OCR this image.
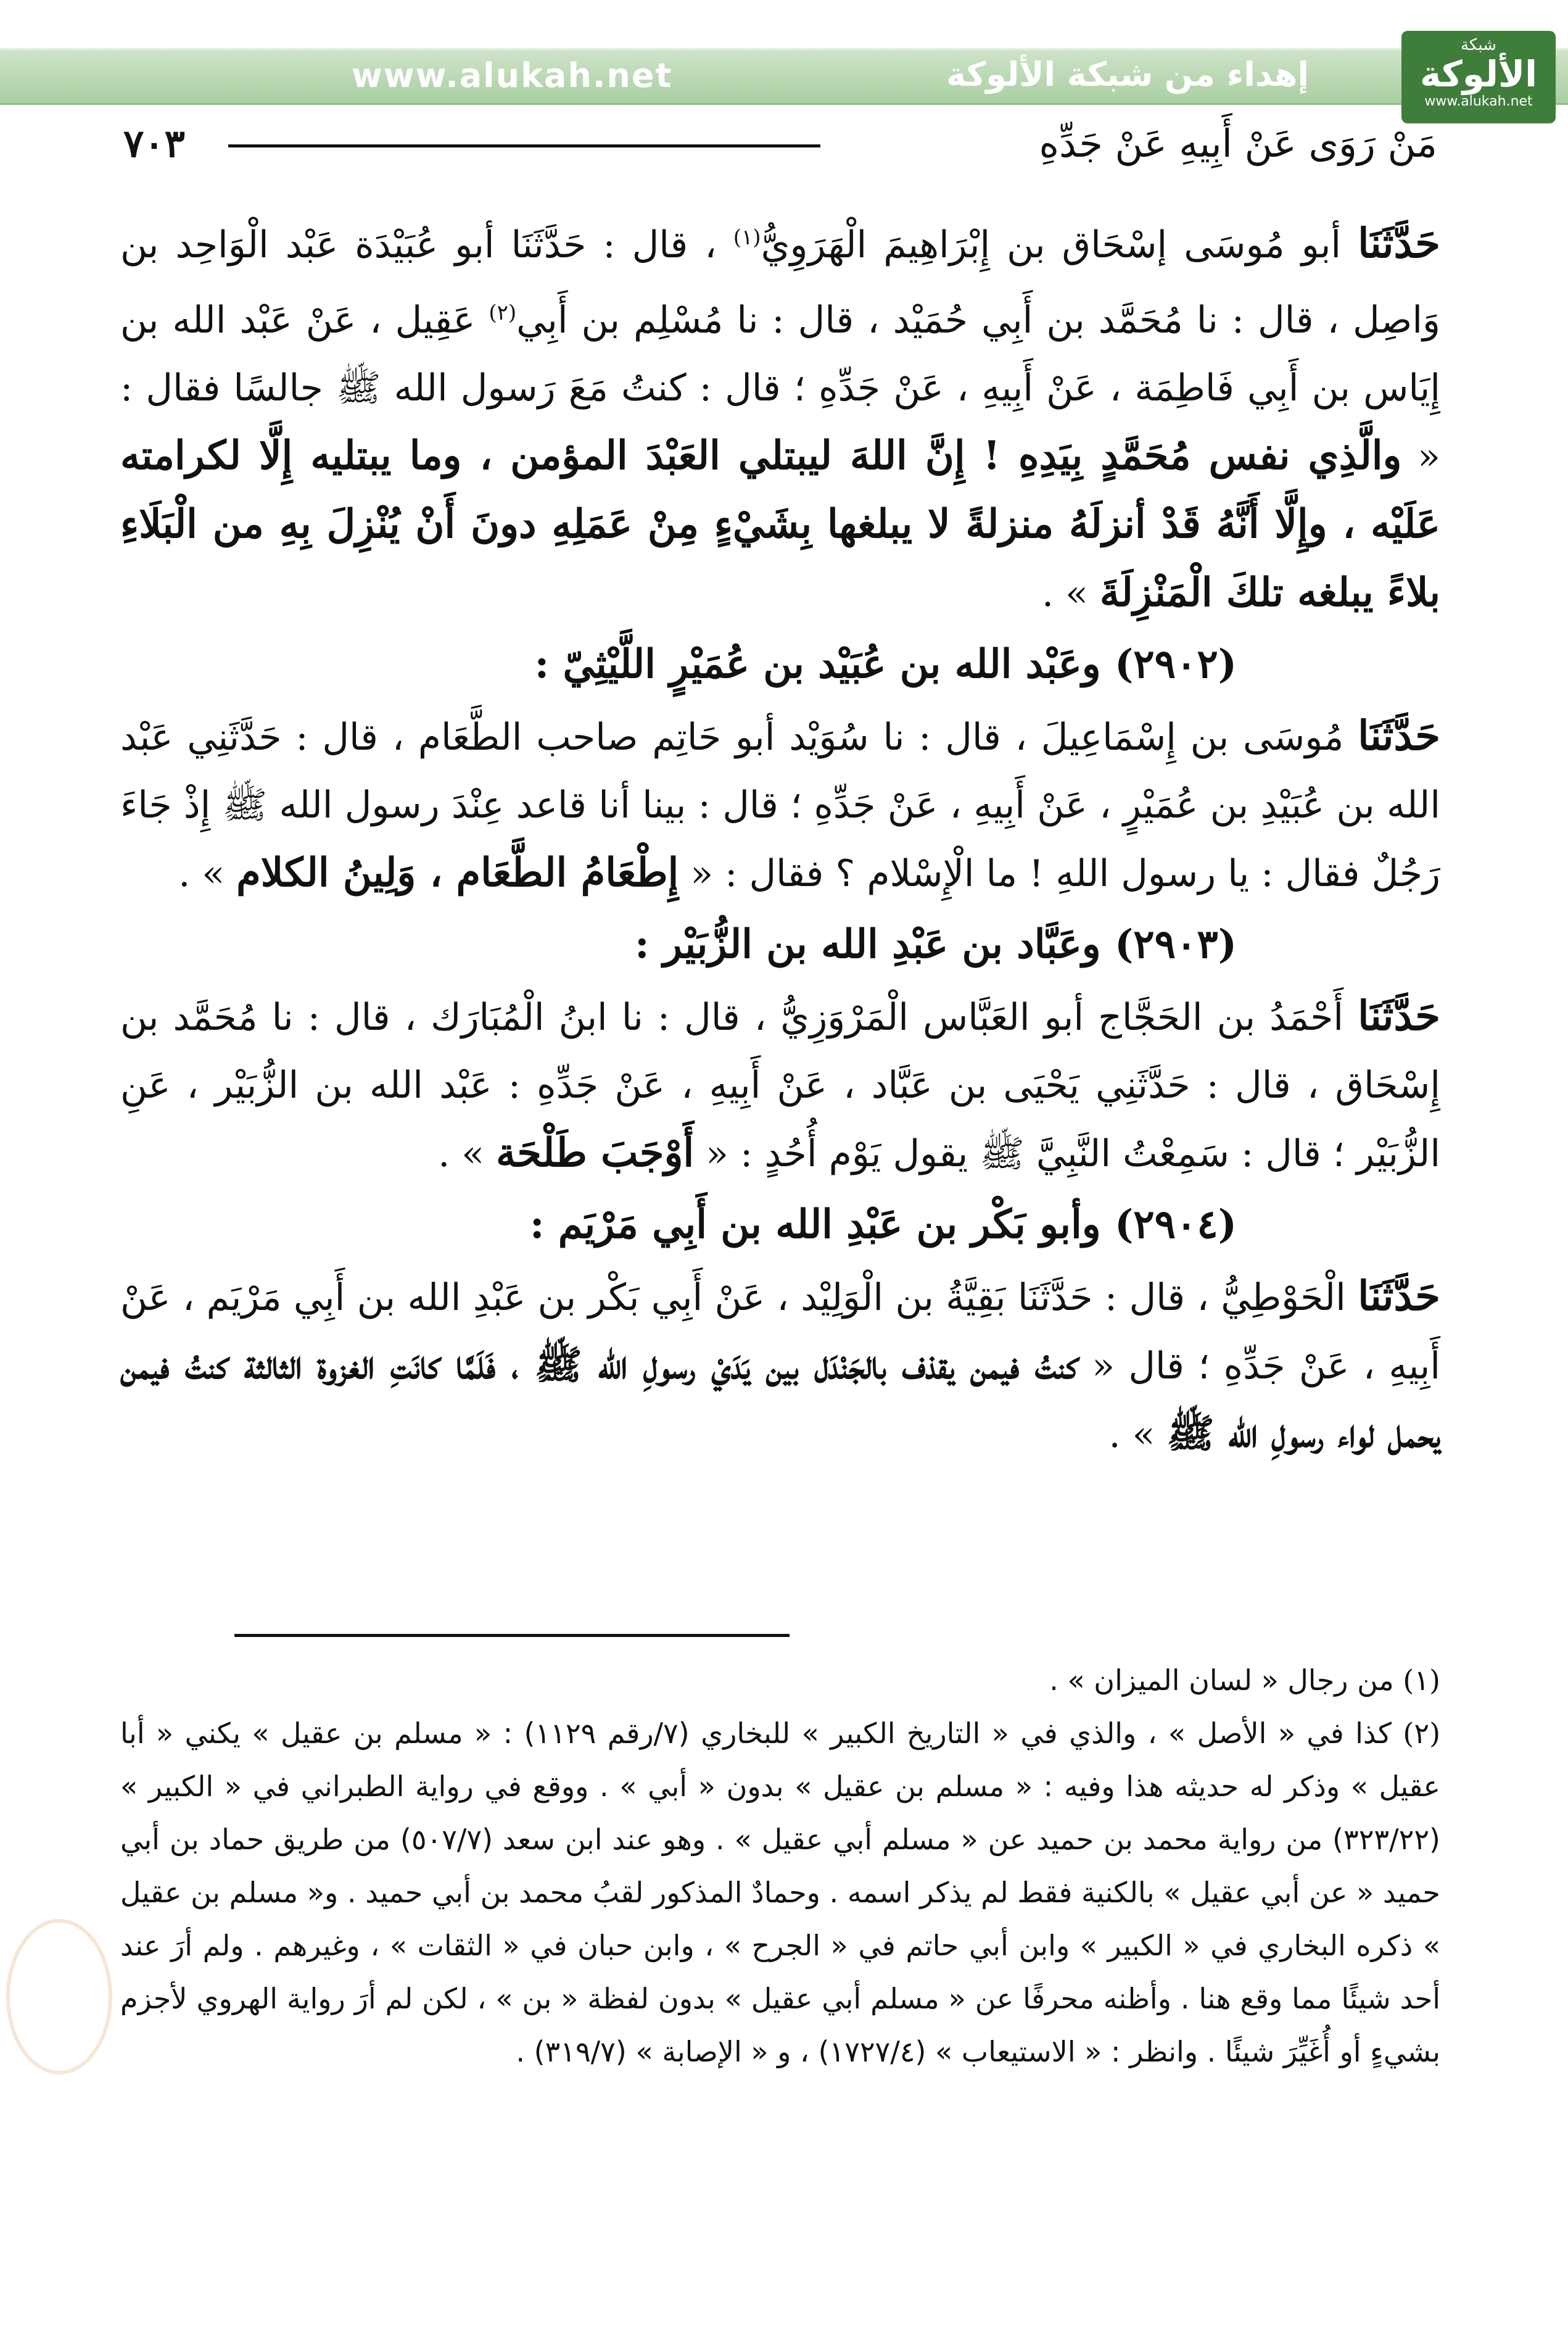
إهداء من شبكة الألوكة
www.alukah.net
شبكة
الألوكة
www.alukah.net
مَنْ رَوَى عَنْ أَبِيهِ عَنْ جَدِّهِ
٧٠٣

حَدَّثَنَا أبو مُوسَى إسْحَاق بن إِبْرَاهِيمَ الْهَرَوِيُّ$^{(١)}$ ، قال : حَدَّثَنَا أبو عُبَيْدَة عَبْد الْوَاحِد بن وَاصِل ، قال : نا مُحَمَّد بن أَبِي حُمَيْد ، قال : نا مُسْلِم بن أَبِي$^{(٢)}$ عَقِيل ، عَنْ عَبْد الله بن إِيَاس بن أَبِي فَاطِمَة ، عَنْ أَبِيهِ ، عَنْ جَدِّهِ ؛ قال : كنتُ مَعَ رَسول الله ﷺ جالسًا فقال : « والَّذِي نفس مُحَمَّدٍ بِيَدِهِ ! إِنَّ اللهَ ليبتلي العَبْدَ المؤمن ، وما يبتليه إِلَّا لكرامته عَلَيْه ، وإِلَّا أَنَّهُ قَدْ أنزلَهُ منزلةً لا يبلغها بِشَيْءٍ مِنْ عَمَلِهِ دونَ أَنْ يُنْزِلَ بِهِ من الْبَلَاءِ بلاءً يبلغه تلكَ الْمَنْزِلَةَ » .

(٢٩٠٢) وعَبْد الله بن عُبَيْد بن عُمَيْرٍ اللَّيْثِيّ :

حَدَّثَنَا مُوسَى بن إِسْمَاعِيلَ ، قال : نا سُوَيْد أبو حَاتِم صاحب الطَّعَام ، قال : حَدَّثَنِي عَبْد الله بن عُبَيْدِ بن عُمَيْرٍ ، عَنْ أَبِيهِ ، عَنْ جَدِّهِ ؛ قال : بينا أنا قاعد عِنْدَ رسول الله ﷺ إِذْ جَاءَ رَجُلٌ فقال : يا رسول اللهِ ! ما الْإِسْلام ؟ فقال : « إِطْعَامُ الطَّعَام ، وَلِينُ الكلام » .

(٢٩٠٣) وعَبَّاد بن عَبْدِ الله بن الزُّبَيْر :

حَدَّثَنَا أَحْمَدُ بن الحَجَّاج أبو العَبَّاس الْمَرْوَزِيُّ ، قال : نا ابنُ الْمُبَارَك ، قال : نا مُحَمَّد بن إِسْحَاق ، قال : حَدَّثَنِي يَحْيَى بن عَبَّاد ، عَنْ أَبِيهِ ، عَنْ جَدِّهِ : عَبْد الله بن الزُّبَيْر ، عَنِ الزُّبَيْر ؛ قال : سَمِعْتُ النَّبِيَّ ﷺ يقول يَوْم أُحُدٍ : « أَوْجَبَ طَلْحَة » .

(٢٩٠٤) وأبو بَكْر بن عَبْدِ الله بن أَبِي مَرْيَم :

حَدَّثَنَا الْحَوْطِيُّ ، قال : حَدَّثَنَا بَقِيَّةُ بن الْوَلِيْد ، عَنْ أَبِي بَكْر بن عَبْدِ الله بن أَبِي مَرْيَم ، عَنْ أَبِيهِ ، عَنْ جَدِّهِ ؛ قال « كنتُ فيمن يقذف بالجَنْدَل بين يَدَيْ رسولِ الله ﷺ ، فَلَمَّا كانَتِ الغزوة الثالثة كنتُ فيمن يحمل لواء رسولِ الله ﷺ » .

(١) من رجال « لسان الميزان » .

(٢) كذا في « الأصل » ، والذي في « التاريخ الكبير » للبخاري (٧/رقم ١١٢٩) : « مسلم بن عقيل » يكني « أبا عقيل » وذكر له حديثه هذا وفيه : « مسلم بن عقيل » بدون « أبي » . ووقع في رواية الطبراني في « الكبير » (٣٢٣/٢٢) من رواية محمد بن حميد عن « مسلم أبي عقيل » . وهو عند ابن سعد (٥٠٧/٧) من طريق حماد بن أبي حميد « عن أبي عقيل » بالكنية فقط لم يذكر اسمه . وحمادٌ المذكور لقبُ محمد بن أبي حميد . و« مسلم بن عقيل » ذكره البخاري في « الكبير » وابن أبي حاتم في « الجرح » ، وابن حبان في « الثقات » ، وغيرهم . ولم أرَ عند أحد شيئًا مما وقع هنا . وأظنه محرفًا عن « مسلم أبي عقيل » بدون لفظة « بن » ، لكن لم أرَ رواية الهروي لأجزم بشيءٍ أو أُغَيِّرَ شيئًا . وانظر : « الاستيعاب » (١٧٢٧/٤) ، و « الإصابة » (٣١٩/٧) .
